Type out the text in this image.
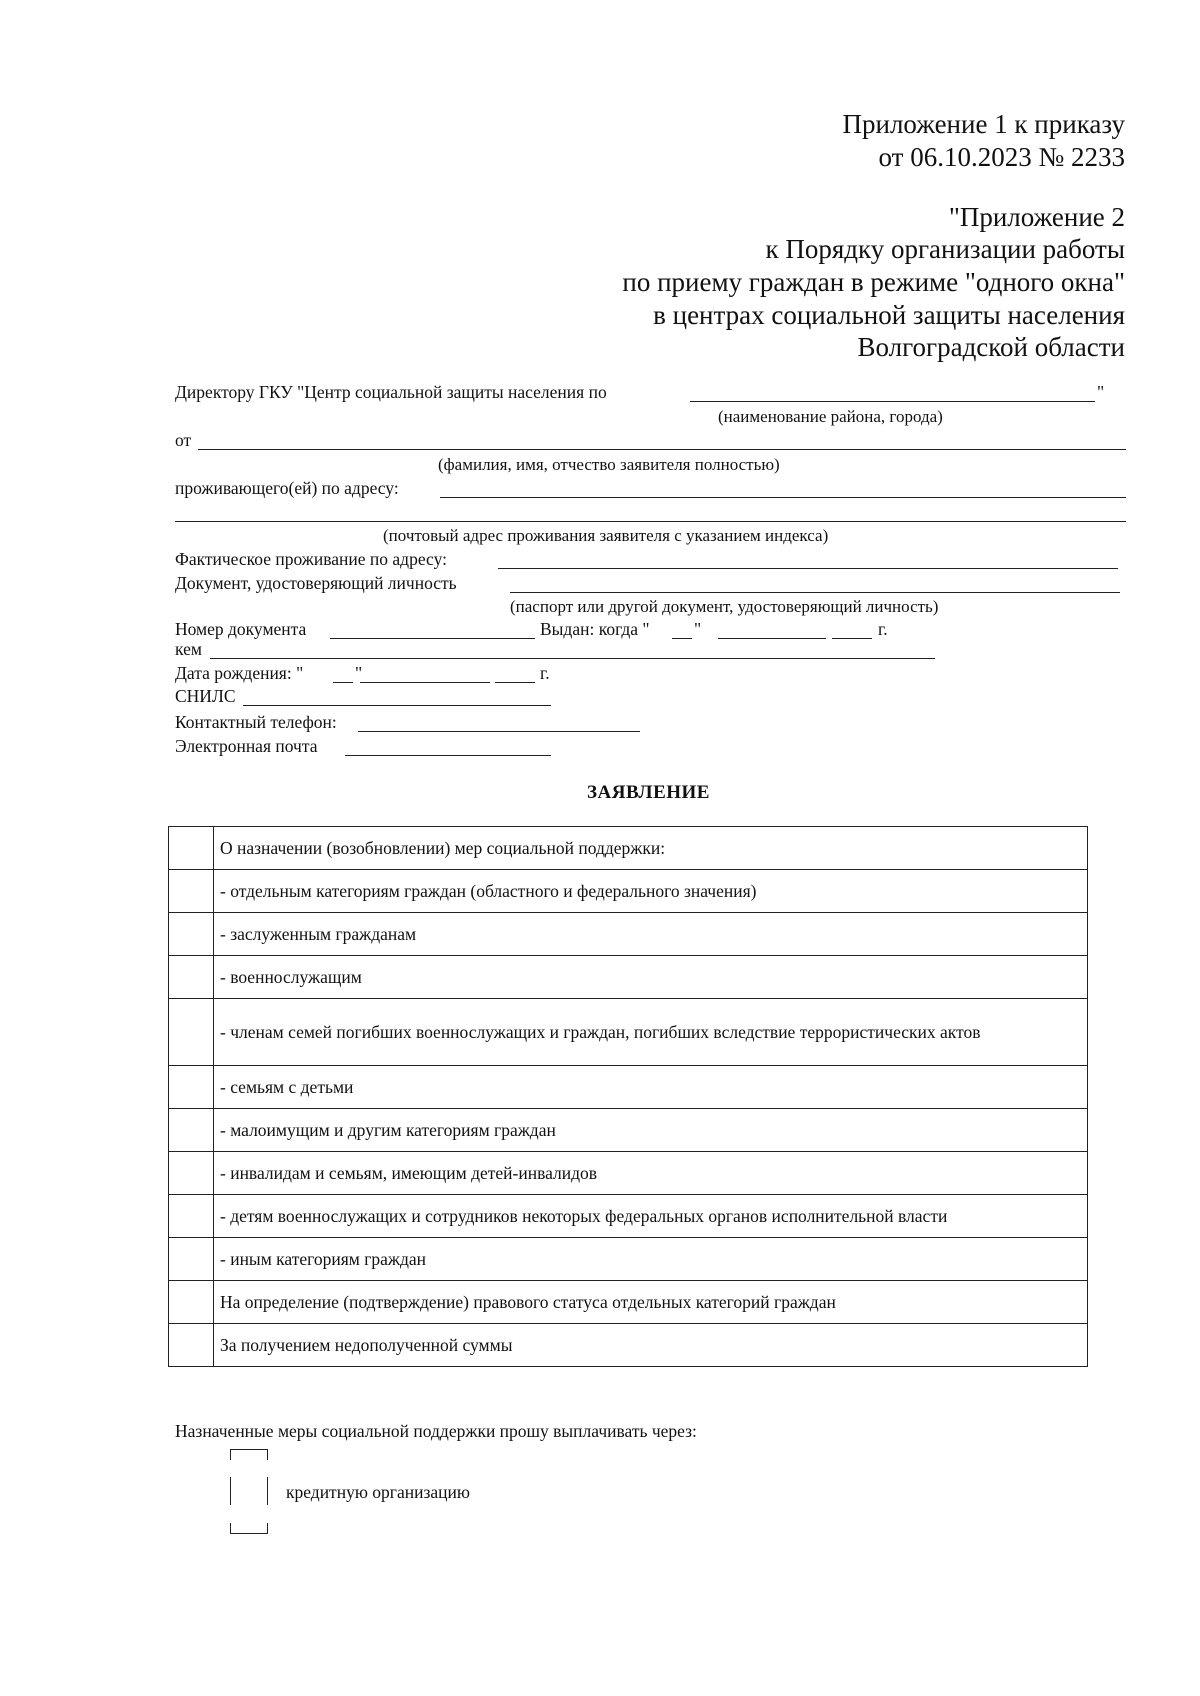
Приложение 1 к приказу
от 06.10.2023 № 2233
"Приложение 2
к Порядку организации работы
по приему граждан в режиме "одного окна"
в центрах социальной защиты населения
Волгоградской области
Директору ГКУ "Центр социальной защиты населения по	"
(наименование района, города)
от
(фамилия, имя, отчество заявителя полностью)
проживающего(ей) по адресу:
(почтовый адрес проживания заявителя с указанием индекса)
Фактическое проживание по адресу:
Документ, удостоверяющий личность
(паспорт или другой документ, удостоверяющий личность)
Номер документа	Выдан: когда "	"	г.
кем
Дата рождения: "	"	г.
СНИЛС
Контактный телефон:
Электронная почта
ЗАЯВЛЕНИЕ
	О назначении (возобновлении) мер социальной поддержки:
	- отдельным категориям граждан (областного и федерального значения)
	- заслуженным гражданам
	- военнослужащим
	- членам семей погибших военнослужащих и граждан, погибших вследствие террористических актов
	- семьям с детьми
	- малоимущим и другим категориям граждан
	- инвалидам и семьям, имеющим детей-инвалидов
	- детям военнослужащих и сотрудников некоторых федеральных органов исполнительной власти
	- иным категориям граждан
	На определение (подтверждение) правового статуса отдельных категорий граждан
	За получением недополученной суммы
Назначенные меры социальной поддержки прошу выплачивать через:
кредитную организацию
